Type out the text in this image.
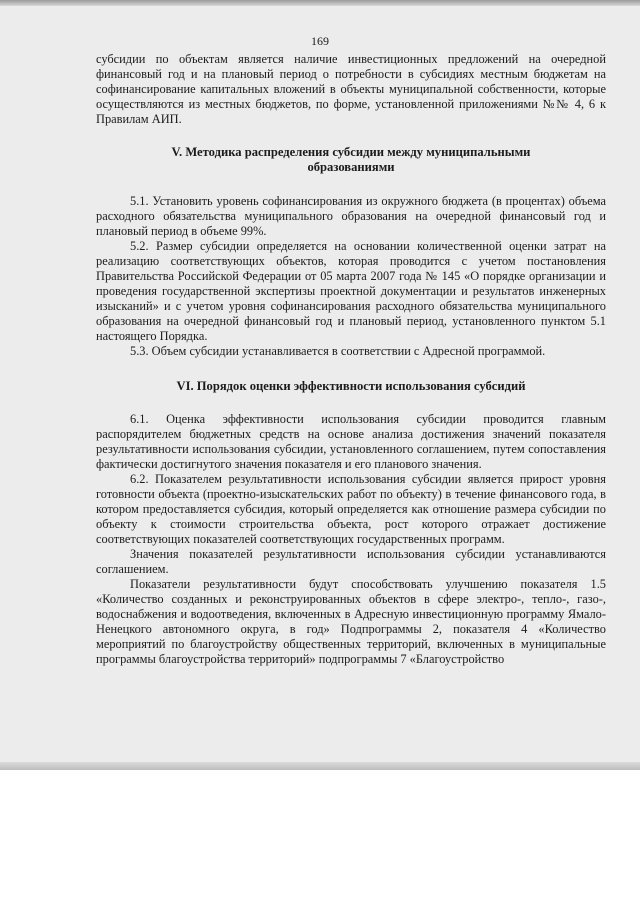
169

субсидии по объектам является наличие инвестиционных предложений на очередной финансовый год и на плановый период о потребности в субсидиях местным бюджетам на софинансирование капитальных вложений в объекты муниципальной собственности, которые осуществляются из местных бюджетов, по форме, установленной приложениями №№ 4, 6 к Правилам АИП.

V. Методика распределения субсидии между муниципальными образованиями

5.1. Установить уровень софинансирования из окружного бюджета (в процентах) объема расходного обязательства муниципального образования на очередной финансовый год и плановый период в объеме 99%.

5.2. Размер субсидии определяется на основании количественной оценки затрат на реализацию соответствующих объектов, которая проводится с учетом постановления Правительства Российской Федерации от 05 марта 2007 года № 145 «О порядке организации и проведения государственной экспертизы проектной документации и результатов инженерных изысканий» и с учетом уровня софинансирования расходного обязательства муниципального образования на очередной финансовый год и плановый период, установленного пунктом 5.1 настоящего Порядка.

5.3. Объем субсидии устанавливается в соответствии с Адресной программой.

VI. Порядок оценки эффективности использования субсидий

6.1. Оценка эффективности использования субсидии проводится главным распорядителем бюджетных средств на основе анализа достижения значений показателя результативности использования субсидии, установленного соглашением, путем сопоставления фактически достигнутого значения показателя и его планового значения.

6.2. Показателем результативности использования субсидии является прирост уровня готовности объекта (проектно-изыскательских работ по объекту) в течение финансового года, в котором предоставляется субсидия, который определяется как отношение размера субсидии по объекту к стоимости строительства объекта, рост которого отражает достижение соответствующих показателей соответствующих государственных программ.

Значения показателей результативности использования субсидии устанавливаются соглашением.

Показатели результативности будут способствовать улучшению показателя 1.5 «Количество созданных и реконструированных объектов в сфере электро-, тепло-, газо-, водоснабжения и водоотведения, включенных в Адресную инвестиционную программу Ямало-Ненецкого автономного округа, в год» Подпрограммы 2, показателя 4 «Количество мероприятий по благоустройству общественных территорий, включенных в муниципальные программы благоустройства территорий» подпрограммы 7 «Благоустройство
